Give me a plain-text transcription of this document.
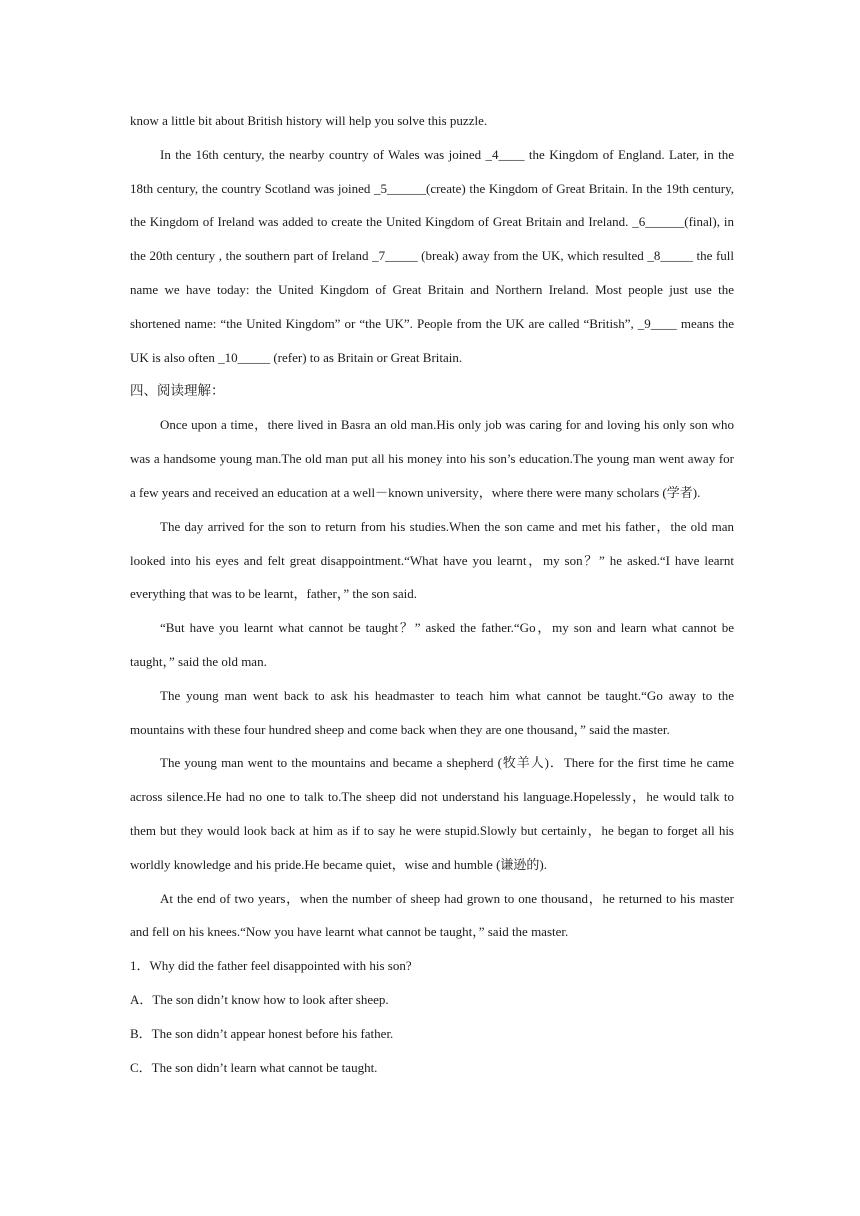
know a little bit about British history will help you solve this puzzle.

In the 16th century, the nearby country of Wales was joined _4____ the Kingdom of England. Later, in the 18th century, the country Scotland was joined _5______(create) the Kingdom of Great Britain. In the 19th century, the Kingdom of Ireland was added to create the United Kingdom of Great Britain and Ireland. _6______(final), in the 20th century , the southern part of Ireland _7_____ (break) away from the UK, which resulted _8_____ the full name we have today: the United Kingdom of Great Britain and Northern Ireland. Most people just use the shortened name: “the United Kingdom” or “the UK”. People from the UK are called “British”, _9____ means the UK is also often _10_____ (refer) to as Britain or Great Britain.

四、阅读理解：

Once upon a time，there lived in Basra an old man.His only job was caring for and loving his only son who was a handsome young man.The old man put all his money into his son’s education.The young man went away for a few years and received an education at a well－known university，where there were many scholars (学者).

The day arrived for the son to return from his studies.When the son came and met his father，the old man looked into his eyes and felt great disappointment.“What have you learnt，my son？” he asked.“I have learnt everything that was to be learnt，father，” the son said.

“But have you learnt what cannot be taught？” asked the father.“Go，my son and learn what cannot be taught，” said the old man.

The young man went back to ask his headmaster to teach him what cannot be taught.“Go away to the mountains with these four hundred sheep and come back when they are one thousand，” said the master.

The young man went to the mountains and became a shepherd (牧羊人)．There for the first time he came across silence.He had no one to talk to.The sheep did not understand his language.Hopelessly，he would talk to them but they would look back at him as if to say he were stupid.Slowly but certainly，he began to forget all his worldly knowledge and his pride.He became quiet，wise and humble (谦逊的).

At the end of two years，when the number of sheep had grown to one thousand，he returned to his master and fell on his knees.“Now you have learnt what cannot be taught，” said the master.

1．Why did the father feel disappointed with his son?

A．The son didn’t know how to look after sheep.

B．The son didn’t appear honest before his father.

C．The son didn’t learn what cannot be taught.
